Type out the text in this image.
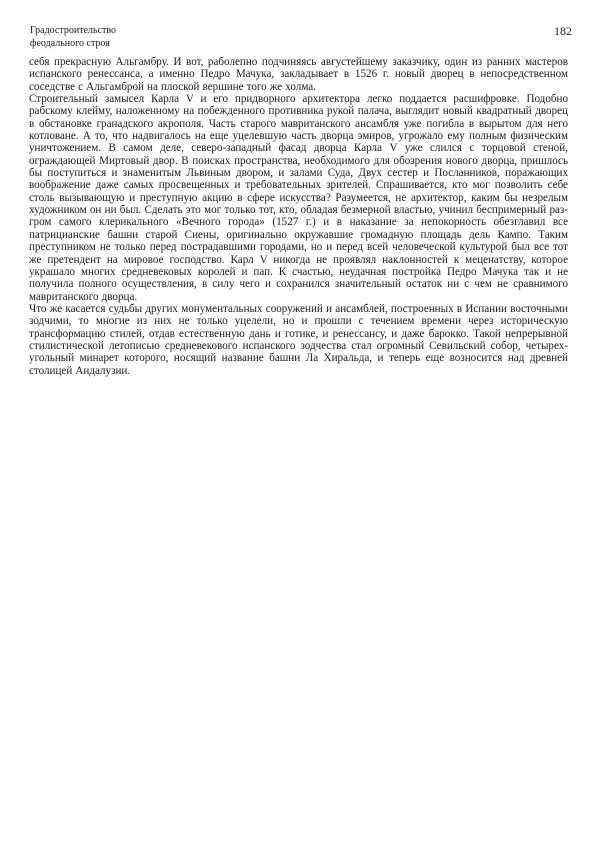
Градостроительство
феодального строя
182

себя прекрасную Альгамбру. И вот, раболепно подчиняясь августейшему заказчику, один из ранних мастеров испанского ренессанса, а именно Педро Мачука, закладывает в 1526 г. новый дворец в непосредственном соседстве с Альгамброй на плоской вершине того же холма.

Строительный замысел Карла V и его придворного архитектора легко поддается расшифровке. Подобно рабскому клейму, наложенному на побежденного противника рукой палача, выглядит новый квадратный дворец в обстановке гранадского акрополя. Часть старого мавританского ансамбля уже погибла в вырытом для него котловане. А то, что надвигалось на еще уцелевшую часть дворца эмиров, угрожало ему полным физическим уничтожением. В самом деле, северо-западный фасад дворца Карла V уже слился с торцовой стеной, ограждающей Миртовый двор. В поисках пространства, необходимого для обозрения нового дворца, пришлось бы поступиться и знаменитым Львиным двором, и залами Суда, Двух сестер и Посланников, поражающих воображение даже самых просвещенных и требовательных зрителей. Спрашивается, кто мог позволить себе столь вызывающую и преступную акцию в сфере искусства? Разумеется, не архитектор, каким бы незрелым художником он ни был. Сделать это мог только тот, кто, обладая безмерной властью, учинил беспримерный разгром самого клерикального «Вечного города» (1527 г.) и в наказание за непокорность обезглавил все патрицианские башни старой Сиены, оригинально окружавшие громадную площадь дель Кампо. Таким преступником не только перед пострадавшими городами, но и перед всей человеческой культурой был все тот же претендент на мировое господство. Карл V никогда не проявлял наклонностей к меценатству, которое украшало многих средневековых королей и пап. К счастью, неудачная постройка Педро Мачука так и не получила полного осуществления, в силу чего и сохранился значительный остаток ни с чем не сравнимого мавританского дворца.

Что же касается судьбы других монументальных сооружений и ансамблей, построенных в Испании восточными зодчими, то многие из них не только уцелели, но и прошли с течением времени через историческую трансформацию стилей, отдав естественную дань и готике, и ренессансу, и даже барокко. Такой непрерывной стилистической летописью средневекового испанского зодчества стал огромный Севильский собор, четырехугольный минарет которого, носящий название башни Ла Хиральда, и теперь еще возносится над древней столицей Андалузии.
